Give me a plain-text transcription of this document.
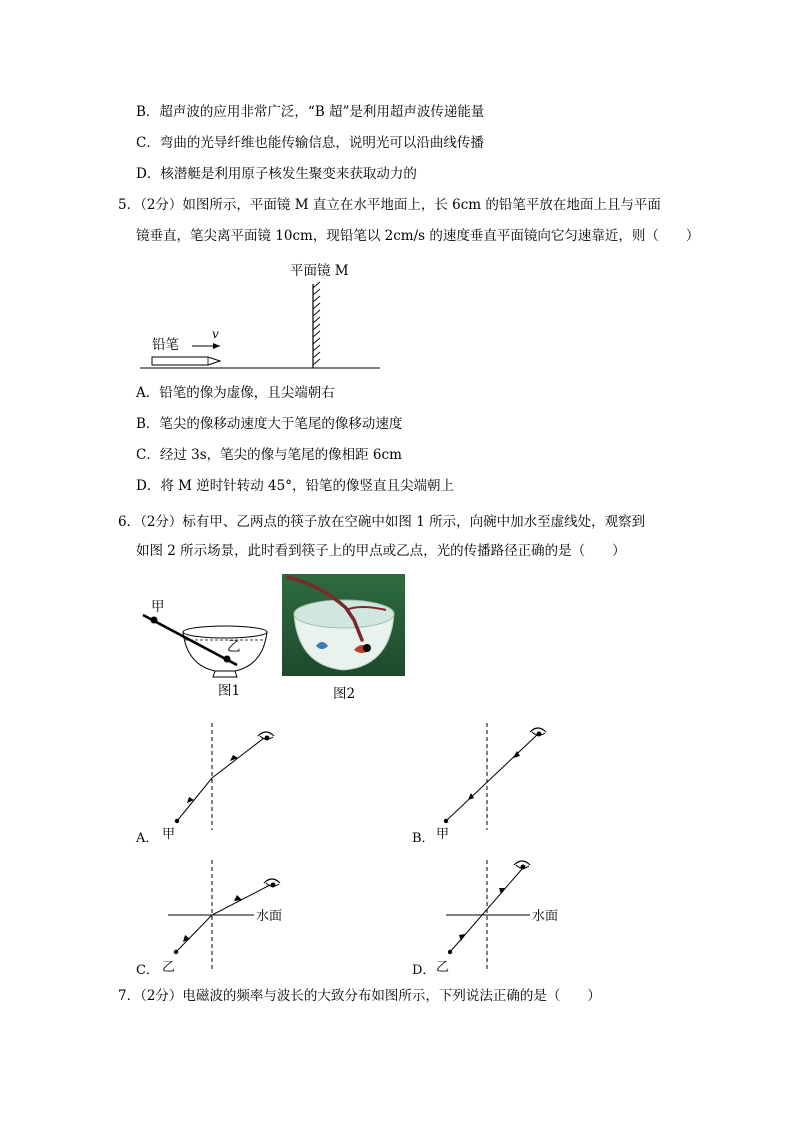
B．超声波的应用非常广泛，“B 超”是利用超声波传递能量
C．弯曲的光导纤维也能传输信息，说明光可以沿曲线传播
D．核潜艇是利用原子核发生聚变来获取动力的
5．（2分）如图所示，平面镜 M 直立在水平地面上，长 6cm 的铅笔平放在地面上且与平面
镜垂直，笔尖离平面镜 10cm，现铅笔以 2cm/s 的速度垂直平面镜向它匀速靠近，则（　　）
平面镜 M
铅笔
v
A．铅笔的像为虚像，且尖端朝右
B．笔尖的像移动速度大于笔尾的像移动速度
C．经过 3s，笔尖的像与笔尾的像相距 6cm
D．将 M 逆时针转动 45°，铅笔的像竖直且尖端朝上
6．（2分）标有甲、乙两点的筷子放在空碗中如图 1 所示，向碗中加水至虚线处，观察到
如图 2 所示场景，此时看到筷子上的甲点或乙点，光的传播路径正确的是（　　）
甲
乙
图1	图2
A． 甲	B． 甲
水面
C． 乙
水面
D． 乙
7．（2分）电磁波的频率与波长的大致分布如图所示，下列说法正确的是（　　）
